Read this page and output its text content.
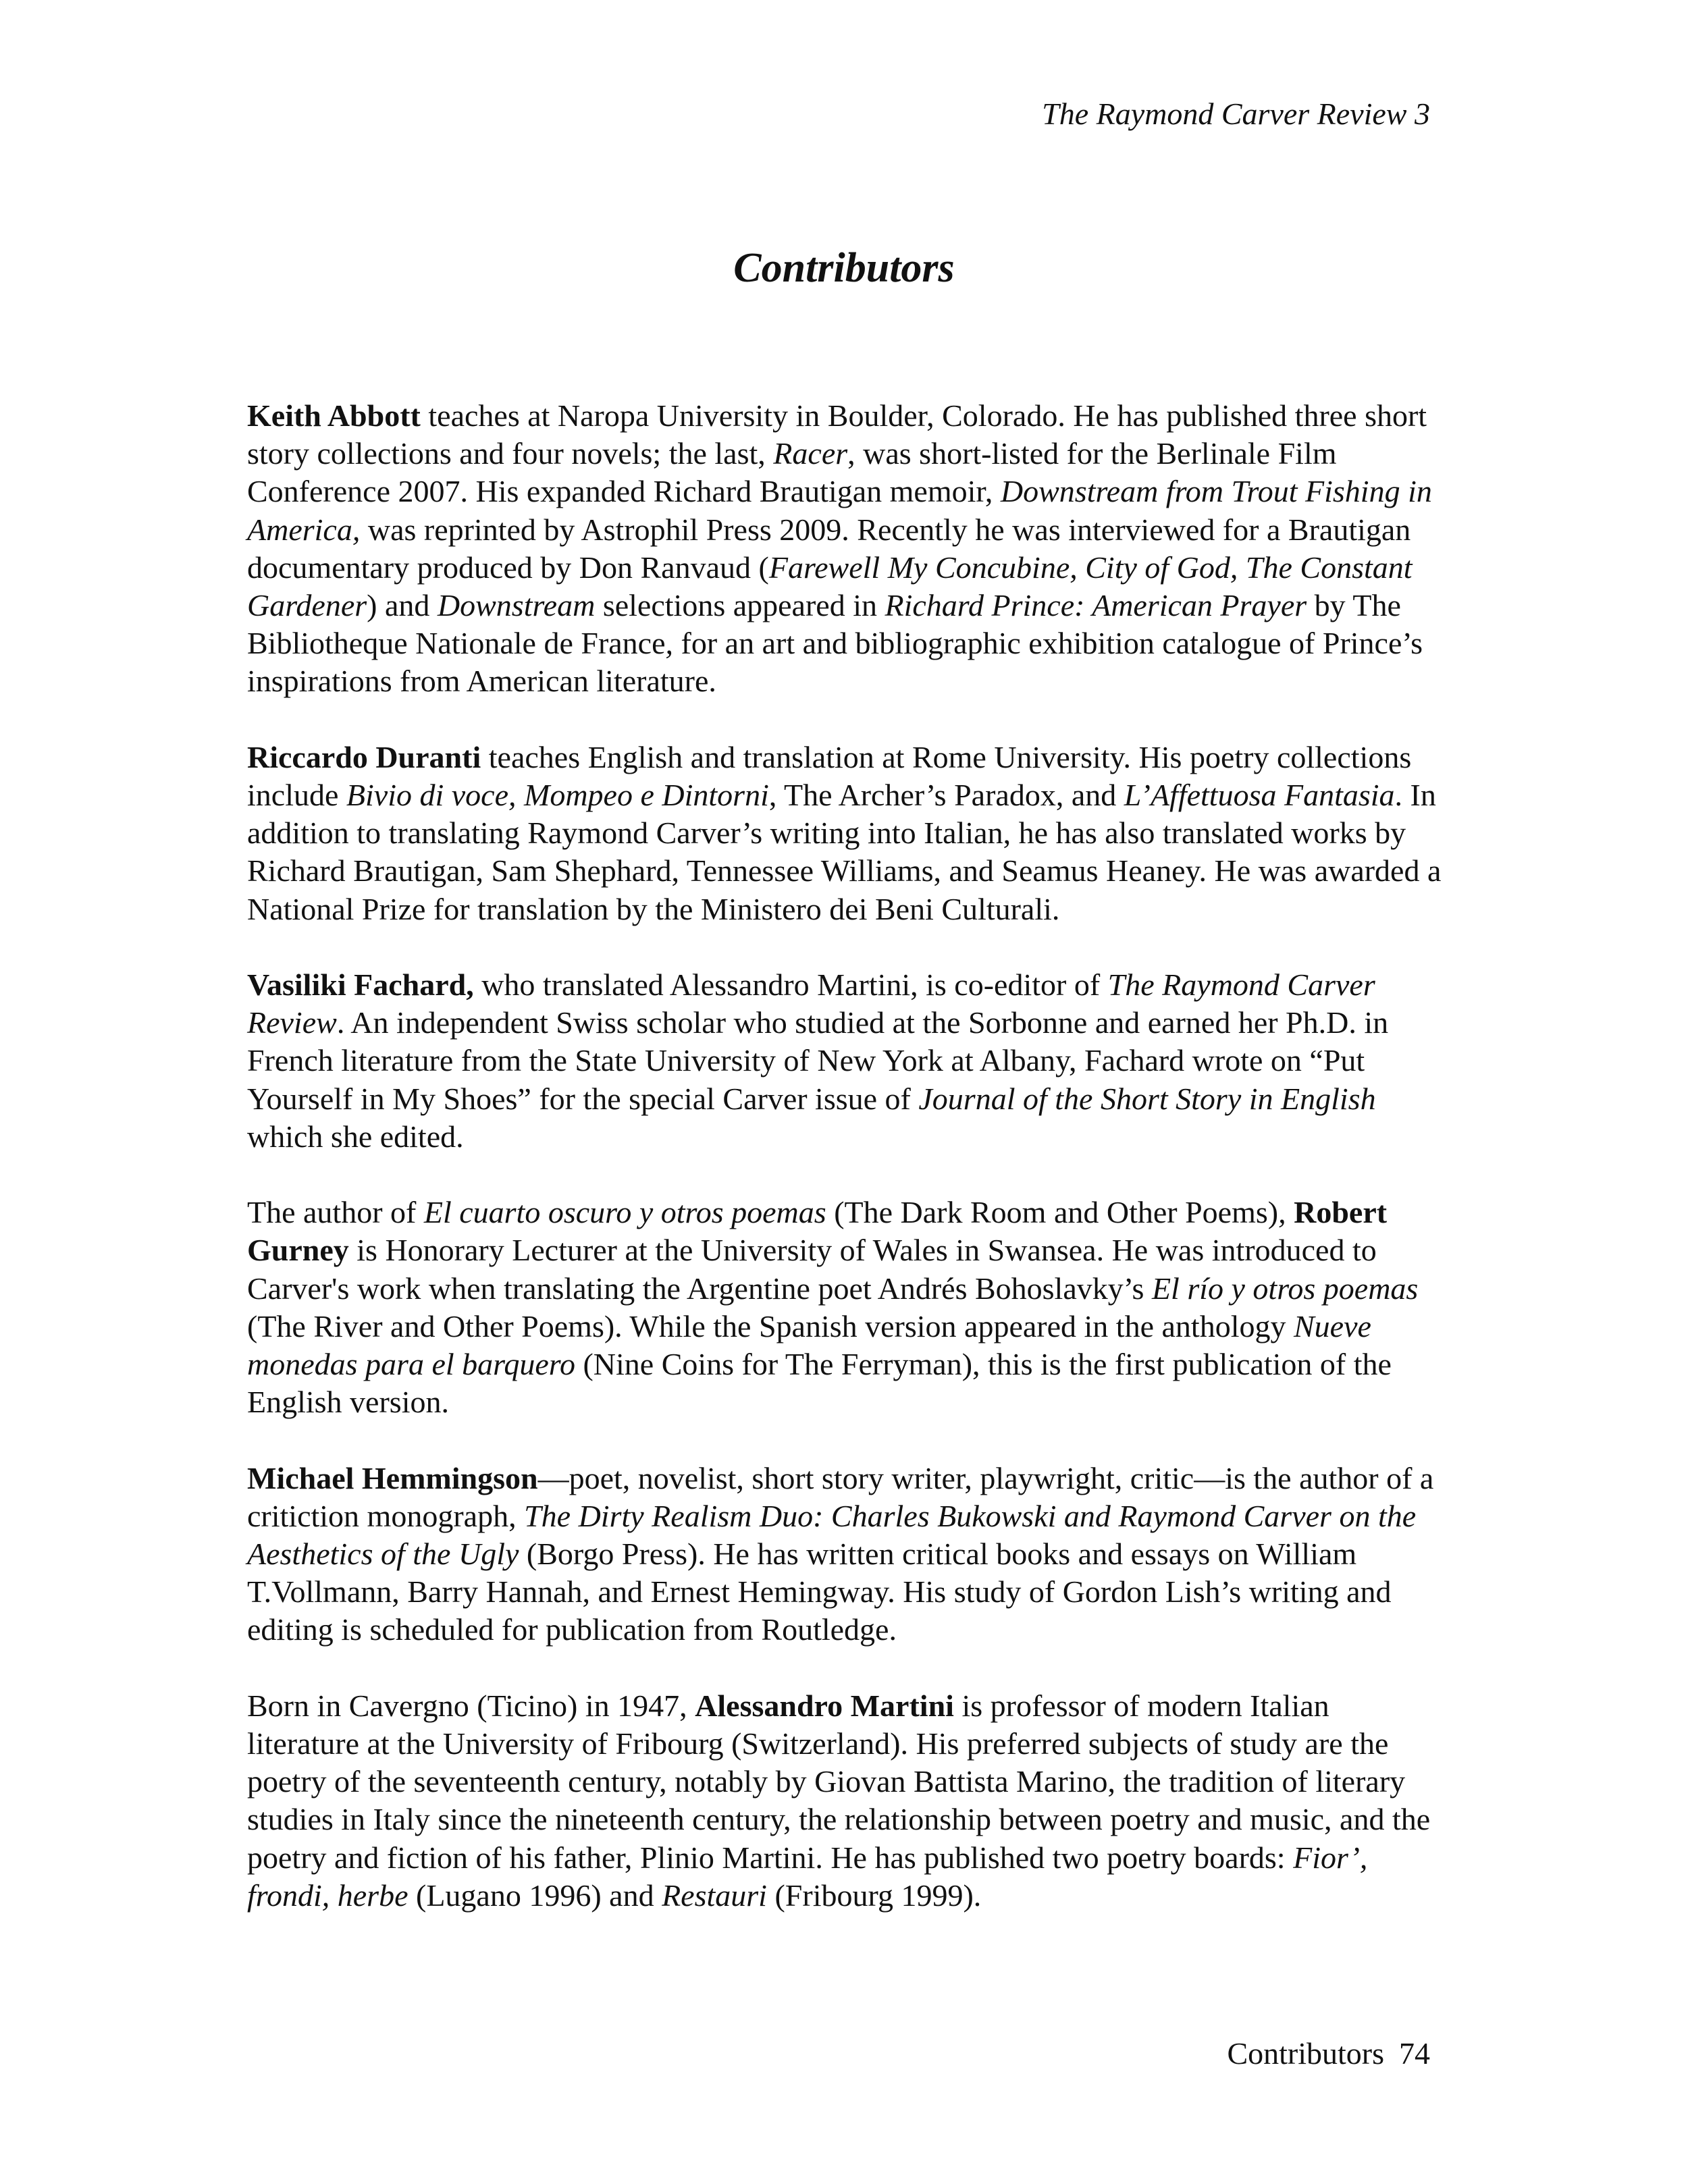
The Raymond Carver Review 3
Contributors

Keith Abbott teaches at Naropa University in Boulder, Colorado. He has published three short story collections and four novels; the last, Racer, was short-listed for the Berlinale Film Conference 2007. His expanded Richard Brautigan memoir, Downstream from Trout Fishing in America, was reprinted by Astrophil Press 2009. Recently he was interviewed for a Brautigan documentary produced by Don Ranvaud (Farewell My Concubine, City of God, The Constant Gardener) and Downstream selections appeared in Richard Prince: American Prayer by The Bibliotheque Nationale de France, for an art and bibliographic exhibition catalogue of Prince’s inspirations from American literature.

Riccardo Duranti teaches English and translation at Rome University. His poetry collections include Bivio di voce, Mompeo e Dintorni, The Archer’s Paradox, and L’Affettuosa Fantasia. In addition to translating Raymond Carver’s writing into Italian, he has also translated works by Richard Brautigan, Sam Shephard, Tennessee Williams, and Seamus Heaney. He was awarded a National Prize for translation by the Ministero dei Beni Culturali.

Vasiliki Fachard, who translated Alessandro Martini, is co-editor of The Raymond Carver Review. An independent Swiss scholar who studied at the Sorbonne and earned her Ph.D. in French literature from the State University of New York at Albany, Fachard wrote on “Put Yourself in My Shoes” for the special Carver issue of Journal of the Short Story in English which she edited.

The author of El cuarto oscuro y otros poemas (The Dark Room and Other Poems), Robert Gurney is Honorary Lecturer at the University of Wales in Swansea. He was introduced to Carver's work when translating the Argentine poet Andrés Bohoslavky’s El río y otros poemas (The River and Other Poems). While the Spanish version appeared in the anthology Nueve monedas para el barquero (Nine Coins for The Ferryman), this is the first publication of the English version.

Michael Hemmingson—poet, novelist, short story writer, playwright, critic—is the author of a critiction monograph, The Dirty Realism Duo: Charles Bukowski and Raymond Carver on the Aesthetics of the Ugly (Borgo Press). He has written critical books and essays on William T.Vollmann, Barry Hannah, and Ernest Hemingway. His study of Gordon Lish’s writing and editing is scheduled for publication from Routledge.

Born in Cavergno (Ticino) in 1947, Alessandro Martini is professor of modern Italian literature at the University of Fribourg (Switzerland). His preferred subjects of study are the poetry of the seventeenth century, notably by Giovan Battista Marino, the tradition of literary studies in Italy since the nineteenth century, the relationship between poetry and music, and the poetry and fiction of his father, Plinio Martini. He has published two poetry boards: Fior’, frondi, herbe (Lugano 1996) and Restauri (Fribourg 1999).

Contributors 74
